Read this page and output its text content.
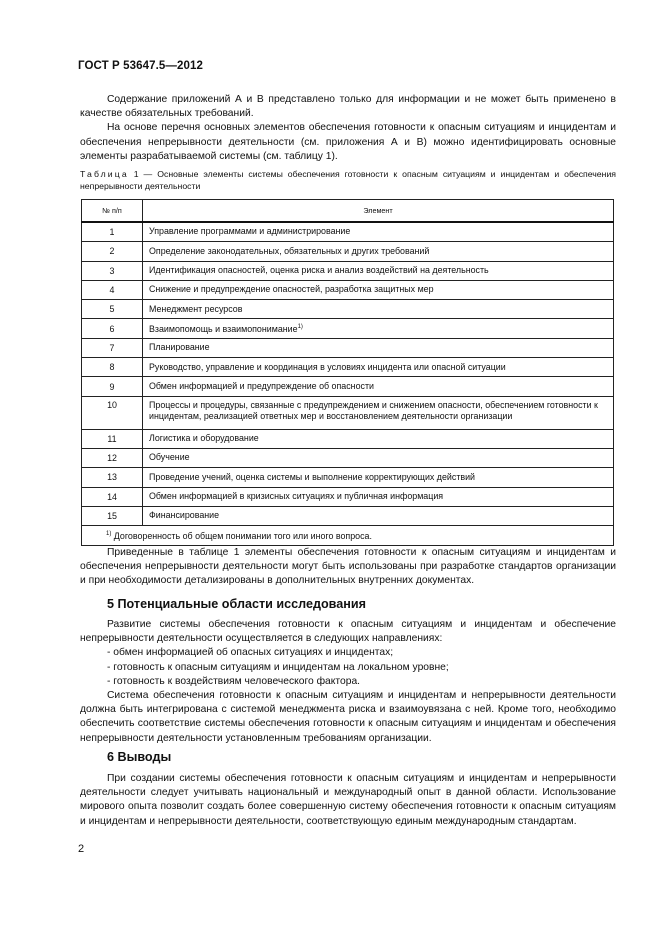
ГОСТ Р 53647.5—2012

Содержание приложений А и В представлено только для информации и не может быть применено в качестве обязательных требований.

На основе перечня основных элементов обеспечения готовности к опасным ситуациям и инцидентам и обеспечения непрерывности деятельности (см. приложения А и В) можно идентифицировать основные элементы разрабатываемой системы (см. таблицу 1).

Таблица 1 — Основные элементы системы обеспечения готовности к опасным ситуациям и инцидентам и обеспечения непрерывности деятельности
№ п/п	Элемент
1	Управление программами и администрирование
2	Определение законодательных, обязательных и других требований
3	Идентификация опасностей, оценка риска и анализ воздействий на деятельность
4	Снижение и предупреждение опасностей, разработка защитных мер
5	Менеджмент ресурсов
6	Взаимопомощь и взаимопонимание$^{1)}$
7	Планирование
8	Руководство, управление и координация в условиях инцидента или опасной ситуации
9	Обмен информацией и предупреждение об опасности
10	Процессы и процедуры, связанные с предупреждением и снижением опасности, обеспечением готовности к инцидентам, реализацией ответных мер и восстановлением деятельности организации
11	Логистика и оборудование
12	Обучение
13	Проведение учений, оценка системы и выполнение корректирующих действий
14	Обмен информацией в кризисных ситуациях и публичная информация
15	Финансирование
$^{1)}$ Договоренность об общем понимании того или иного вопроса.	

Приведенные в таблице 1 элементы обеспечения готовности к опасным ситуациям и инцидентам и обеспечения непрерывности деятельности могут быть использованы при разработке стандартов организации и при необходимости детализированы в дополнительных внутренних документах.

5 Потенциальные области исследования

Развитие системы обеспечения готовности к опасным ситуациям и инцидентам и обеспечение непрерывности деятельности осуществляется в следующих направлениях:

- обмен информацией об опасных ситуациях и инцидентах;

- готовность к опасным ситуациям и инцидентам на локальном уровне;

- готовность к воздействиям человеческого фактора.

Система обеспечения готовности к опасным ситуациям и инцидентам и непрерывности деятельности должна быть интегрирована с системой менеджмента риска и взаимоувязана с ней. Кроме того, необходимо обеспечить соответствие системы обеспечения готовности к опасным ситуациям и инцидентам и обеспечения непрерывности деятельности установленным требованиям организации.

6 Выводы

При создании системы обеспечения готовности к опасным ситуациям и инцидентам и непрерывности деятельности следует учитывать национальный и международный опыт в данной области. Использование мирового опыта позволит создать более совершенную систему обеспечения готовности к опасным ситуациям и инцидентам и непрерывности деятельности, соответствующую единым международным стандартам.

2
